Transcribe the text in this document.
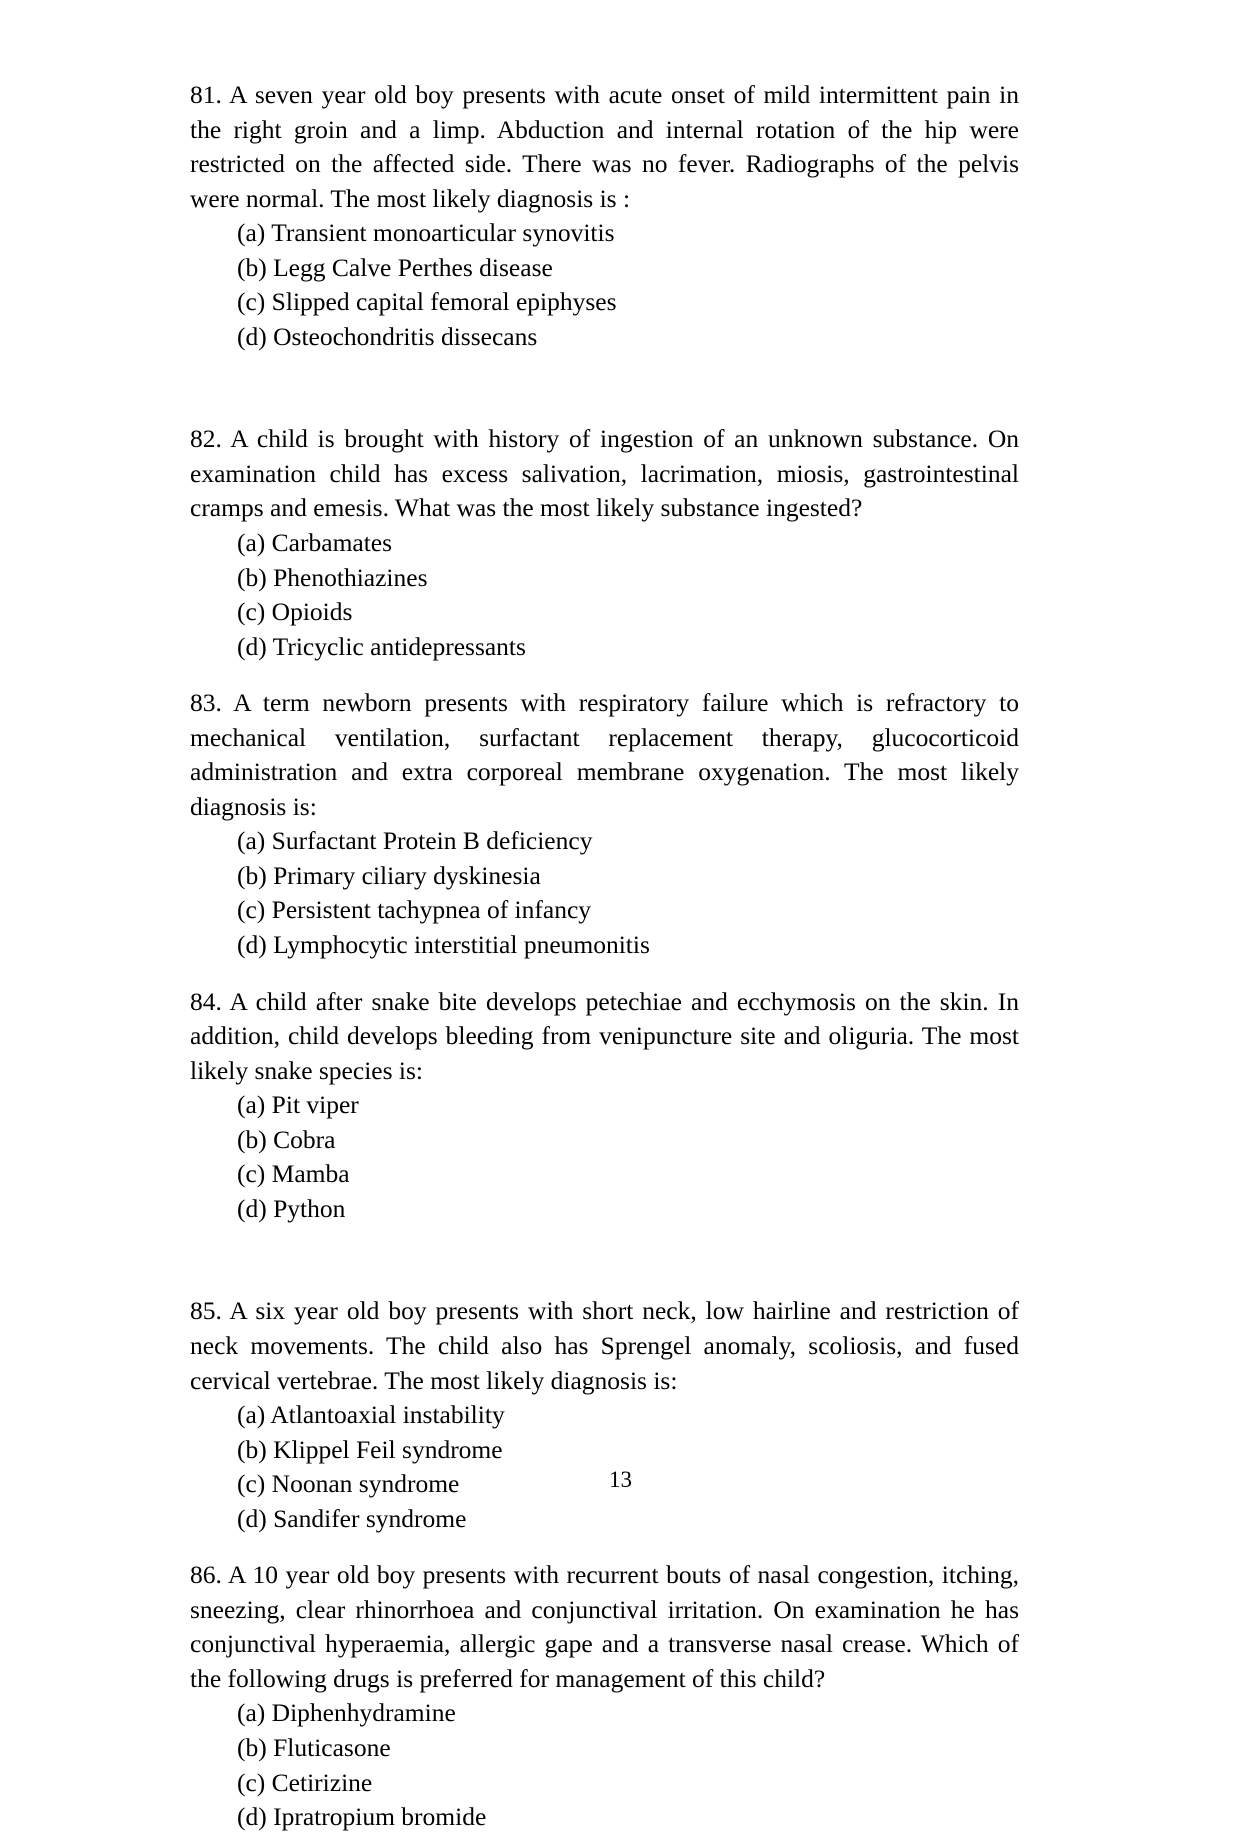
81. A seven year old boy presents with acute onset of mild intermittent pain in the right groin and a limp. Abduction and internal rotation of the hip were restricted on the affected side. There was no fever. Radiographs of the pelvis were normal. The most likely diagnosis is :

(a) Transient monoarticular synovitis
(b) Legg Calve Perthes disease
(c) Slipped capital femoral epiphyses
(d) Osteochondritis dissecans

82. A child is brought with history of ingestion of an unknown substance. On examination child has excess salivation, lacrimation, miosis, gastrointestinal cramps and emesis. What was the most likely substance ingested?

(a) Carbamates
(b) Phenothiazines
(c) Opioids
(d) Tricyclic antidepressants

83. A term newborn presents with respiratory failure which is refractory to mechanical ventilation, surfactant replacement therapy, glucocorticoid administration and extra corporeal membrane oxygenation. The most likely diagnosis is:

(a) Surfactant Protein B deficiency
(b) Primary ciliary dyskinesia
(c) Persistent tachypnea of infancy
(d) Lymphocytic interstitial pneumonitis

84. A child after snake bite develops petechiae and ecchymosis on the skin. In addition, child develops bleeding from venipuncture site and oliguria. The most likely snake species is:

(a) Pit viper
(b) Cobra
(c) Mamba
(d) Python

85. A six year old boy presents with short neck, low hairline and restriction of neck movements. The child also has Sprengel anomaly, scoliosis, and fused cervical vertebrae. The most likely diagnosis is:

(a) Atlantoaxial instability
(b) Klippel Feil syndrome
(c) Noonan syndrome
(d) Sandifer syndrome

86. A 10 year old boy presents with recurrent bouts of nasal congestion, itching, sneezing, clear rhinorrhoea and conjunctival irritation. On examination he has conjunctival hyperaemia, allergic gape and a transverse nasal crease. Which of the following drugs is preferred for management of this child?

(a) Diphenhydramine
(b) Fluticasone
(c) Cetirizine
(d) Ipratropium bromide
13
